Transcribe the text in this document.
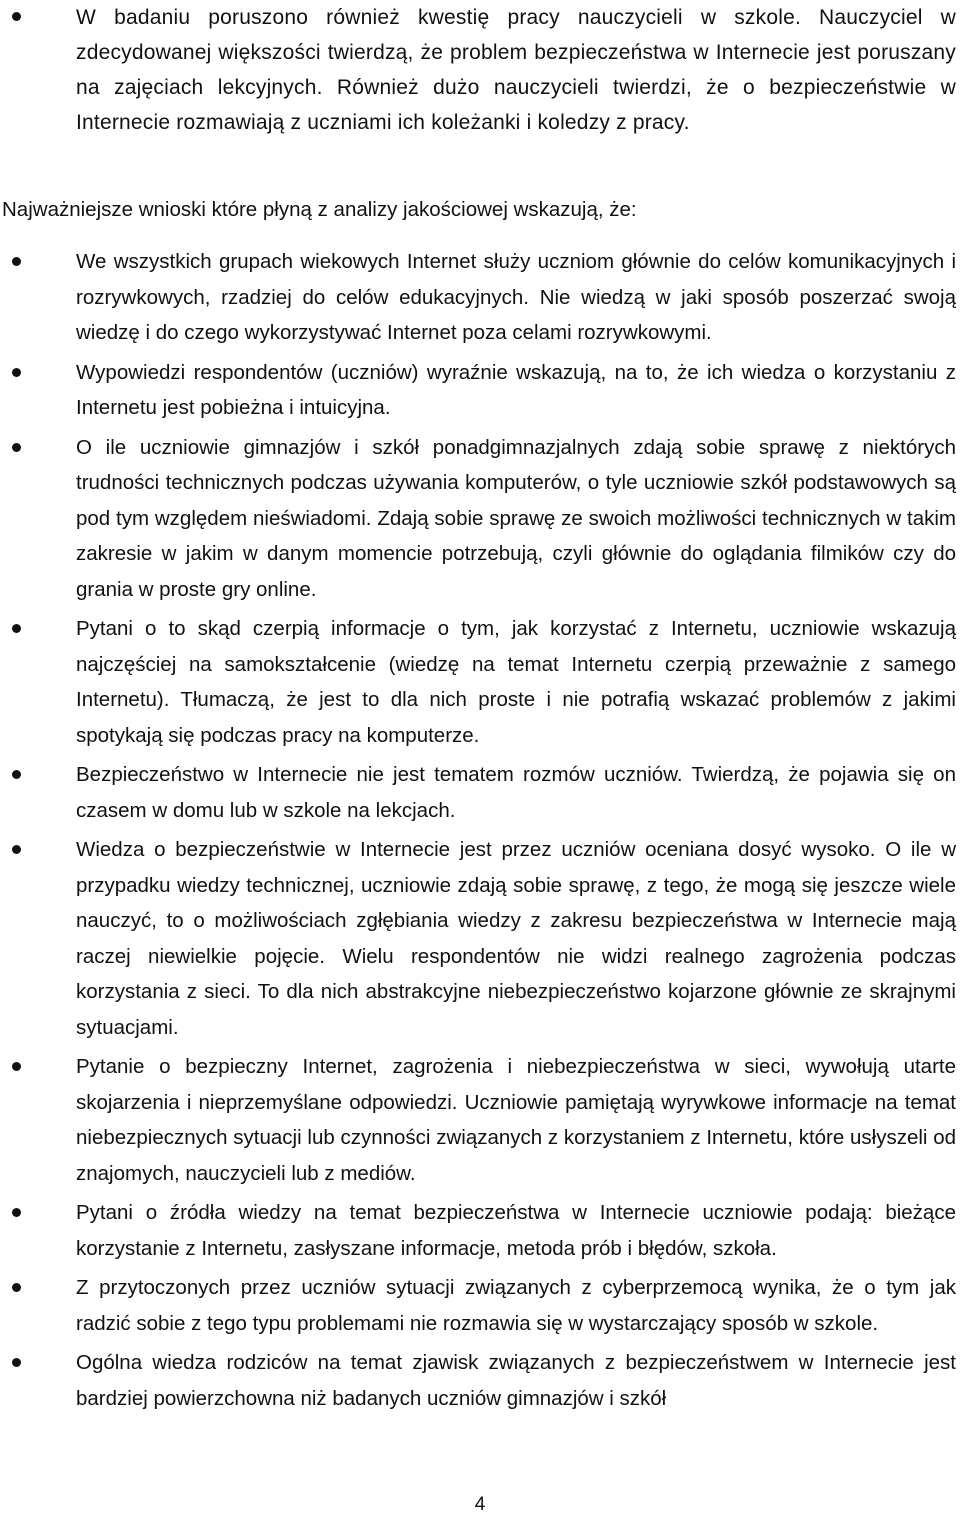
W badaniu poruszono również kwestię pracy nauczycieli w szkole. Nauczyciel w zdecydowanej większości twierdzą, że problem bezpieczeństwa w Internecie jest poruszany na zajęciach lekcyjnych. Również dużo nauczycieli twierdzi, że o bezpieczeństwie w Internecie rozmawiają z uczniami ich koleżanki i koledzy z pracy.

Najważniejsze wnioski które płyną z analizy jakościowej wskazują, że:

We wszystkich grupach wiekowych Internet służy uczniom głównie do celów komunikacyjnych i rozrywkowych, rzadziej do celów edukacyjnych. Nie wiedzą w jaki sposób poszerzać swoją wiedzę i do czego wykorzystywać Internet poza celami rozrywkowymi.
Wypowiedzi respondentów (uczniów) wyraźnie wskazują, na to, że ich wiedza o korzystaniu z Internetu jest pobieżna i intuicyjna.
O ile uczniowie gimnazjów i szkół ponadgimnazjalnych zdają sobie sprawę z niektórych trudności technicznych podczas używania komputerów, o tyle uczniowie szkół podstawowych są pod tym względem nieświadomi. Zdają sobie sprawę ze swoich możliwości technicznych w takim zakresie w jakim w danym momencie potrzebują, czyli głównie do oglądania filmików czy do grania w proste gry online.
Pytani o to skąd czerpią informacje o tym, jak korzystać z Internetu, uczniowie wskazują najczęściej na samokształcenie (wiedzę na temat Internetu czerpią przeważnie z samego Internetu). Tłumaczą, że jest to dla nich proste i nie potrafią wskazać problemów z jakimi spotykają się podczas pracy na komputerze.
Bezpieczeństwo w Internecie nie jest tematem rozmów uczniów. Twierdzą, że pojawia się on czasem w domu lub w szkole na lekcjach.
Wiedza o bezpieczeństwie w Internecie jest przez uczniów oceniana dosyć wysoko. O ile w przypadku wiedzy technicznej, uczniowie zdają sobie sprawę, z tego, że mogą się jeszcze wiele nauczyć, to o możliwościach zgłębiania wiedzy z zakresu bezpieczeństwa w Internecie mają raczej niewielkie pojęcie. Wielu respondentów nie widzi realnego zagrożenia podczas korzystania z sieci. To dla nich abstrakcyjne niebezpieczeństwo kojarzone głównie ze skrajnymi sytuacjami.
Pytanie o bezpieczny Internet, zagrożenia i niebezpieczeństwa w sieci, wywołują utarte skojarzenia i nieprzemyślane odpowiedzi. Uczniowie pamiętają wyrywkowe informacje na temat niebezpiecznych sytuacji lub czynności związanych z korzystaniem z Internetu, które usłyszeli od znajomych, nauczycieli lub z mediów.
Pytani o źródła wiedzy na temat bezpieczeństwa w Internecie uczniowie podają: bieżące korzystanie z Internetu, zasłyszane informacje, metoda prób i błędów, szkoła.
Z przytoczonych przez uczniów sytuacji związanych z cyberprzemocą wynika, że o tym jak radzić sobie z tego typu problemami nie rozmawia się w wystarczający sposób w szkole.
Ogólna wiedza rodziców na temat zjawisk związanych z bezpieczeństwem w Internecie jest bardziej powierzchowna niż badanych uczniów gimnazjów i szkół
4
